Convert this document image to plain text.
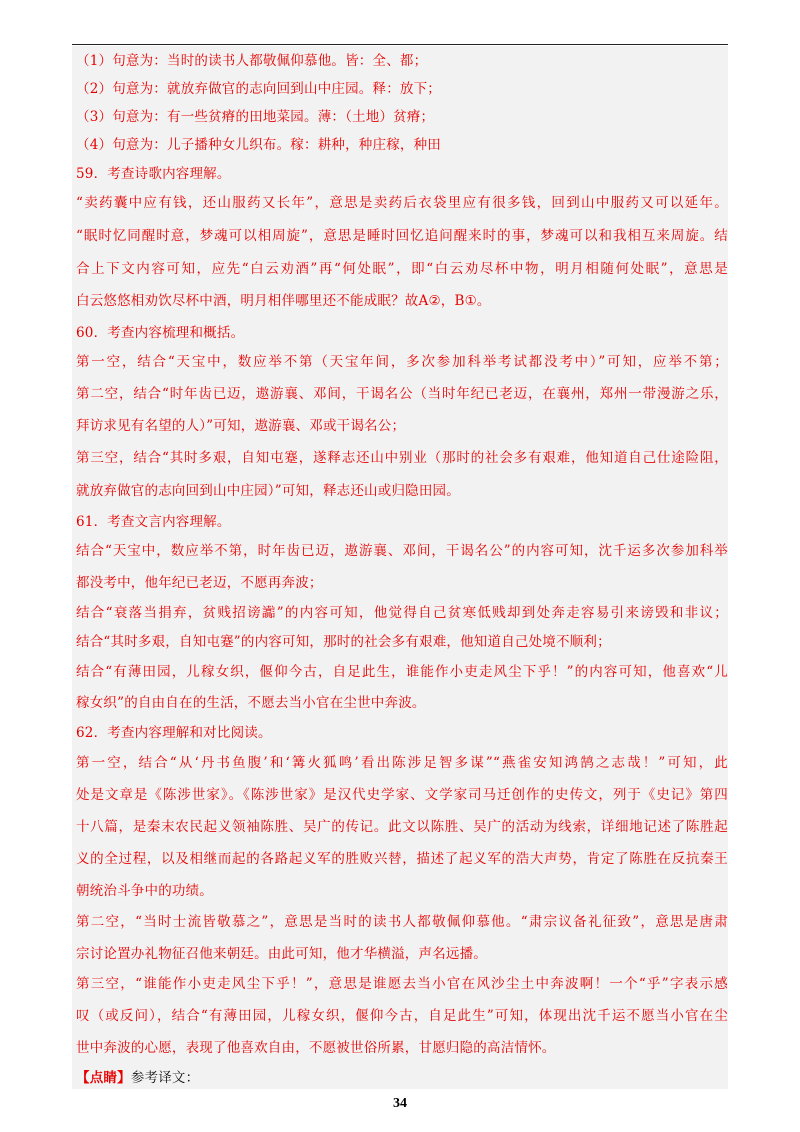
（1）句意为：当时的读书人都敬佩仰慕他。皆：全、都；
（2）句意为：就放弃做官的志向回到山中庄园。释：放下；
（3）句意为：有一些贫瘠的田地菜园。薄：（土地）贫瘠；
（4）句意为：儿子播种女儿织布。稼：耕种，种庄稼，种田
59．考查诗歌内容理解。
“卖药囊中应有钱，还山服药又长年”，意思是卖药后衣袋里应有很多钱，回到山中服药又可以延年。
“眠时忆同醒时意，梦魂可以相周旋”，意思是睡时回忆追问醒来时的事，梦魂可以和我相互来周旋。结
合上下文内容可知，应先“白云劝酒”再“何处眠”，即“白云劝尽杯中物，明月相随何处眠”，意思是
白云悠悠相劝饮尽杯中酒，明月相伴哪里还不能成眠？故A②，B①。
60．考查内容梳理和概括。
第一空，结合“天宝中，数应举不第（天宝年间，多次参加科举考试都没考中）”可知，应举不第；
第二空，结合“时年齿已迈，遨游襄、邓间，干谒名公（当时年纪已老迈，在襄州，郑州一带漫游之乐，
拜访求见有名望的人）”可知，遨游襄、邓或干谒名公；
第三空，结合“其时多艰，自知屯蹇，遂释志还山中别业（那时的社会多有艰难，他知道自己仕途险阻，
就放弃做官的志向回到山中庄园）”可知，释志还山或归隐田园。
61．考查文言内容理解。
结合“天宝中，数应举不第，时年齿已迈，遨游襄、邓间，干谒名公”的内容可知，沈千运多次参加科举
都没考中，他年纪已老迈，不愿再奔波；
结合“衰落当捐弃，贫贱招谤讟”的内容可知，他觉得自己贫寒低贱却到处奔走容易引来谤毁和非议；
结合“其时多艰，自知屯蹇”的内容可知，那时的社会多有艰难，他知道自己处境不顺利；
结合“有薄田园，儿稼女织，偃仰今古，自足此生，谁能作小吏走风尘下乎！”的内容可知，他喜欢“儿
稼女织”的自由自在的生活，不愿去当小官在尘世中奔波。
62．考查内容理解和对比阅读。
第一空，结合“从‘丹书鱼腹’和‘篝火狐鸣’看出陈涉足智多谋”“燕雀安知鸿鹄之志哉！”可知，此
处是文章是《陈涉世家》。《陈涉世家》是汉代史学家、文学家司马迁创作的史传文，列于《史记》第四
十八篇，是秦末农民起义领袖陈胜、吴广的传记。此文以陈胜、吴广的活动为线索，详细地记述了陈胜起
义的全过程，以及相继而起的各路起义军的胜败兴替，描述了起义军的浩大声势，肯定了陈胜在反抗秦王
朝统治斗争中的功绩。
第二空，“当时士流皆敬慕之”，意思是当时的读书人都敬佩仰慕他。“肃宗议备礼征致”，意思是唐肃
宗讨论置办礼物征召他来朝廷。由此可知，他才华横溢，声名远播。
第三空，“谁能作小吏走风尘下乎！”，意思是谁愿去当小官在风沙尘土中奔波啊！一个“乎”字表示感
叹（或反问），结合“有薄田园，儿稼女织，偃仰今古，自足此生”可知，体现出沈千运不愿当小官在尘
世中奔波的心愿，表现了他喜欢自由，不愿被世俗所累，甘愿归隐的高洁情怀。
【点睛】参考译文：
34
